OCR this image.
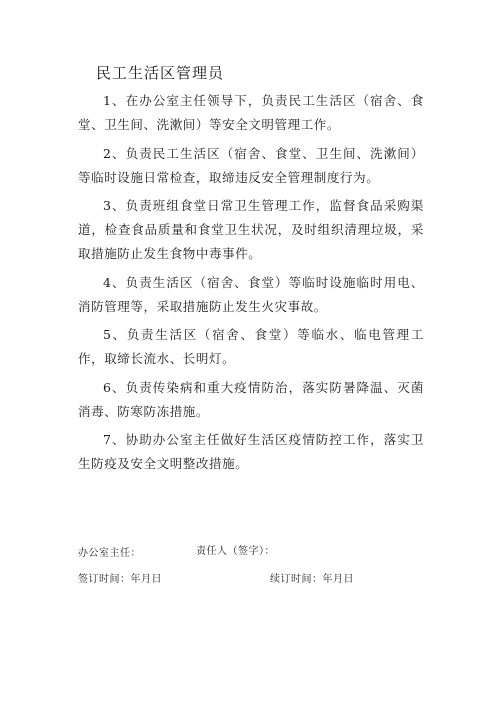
民工生活区管理员

1、在办公室主任领导下，负责民工生活区（宿舍、食堂、卫生间、洗漱间）等安全文明管理工作。

2、负责民工生活区（宿舍、食堂、卫生间、洗漱间）等临时设施日常检查，取缔违反安全管理制度行为。

3、负责班组食堂日常卫生管理工作，监督食品采购渠道，检查食品质量和食堂卫生状况，及时组织清理垃圾，采取措施防止发生食物中毒事件。

4、负责生活区（宿舍、食堂）等临时设施临时用电、消防管理等，采取措施防止发生火灾事故。

5、负责生活区（宿舍、食堂）等临水、临电管理工作，取缔长流水、长明灯。

6、负责传染病和重大疫情防治，落实防暑降温、灭菌消毒、防寒防冻措施。

7、协助办公室主任做好生活区疫情防控工作，落实卫生防疫及安全文明整改措施。

办公室主任：	责任人（签字）：
签订时间：年月日	续订时间：年月日
